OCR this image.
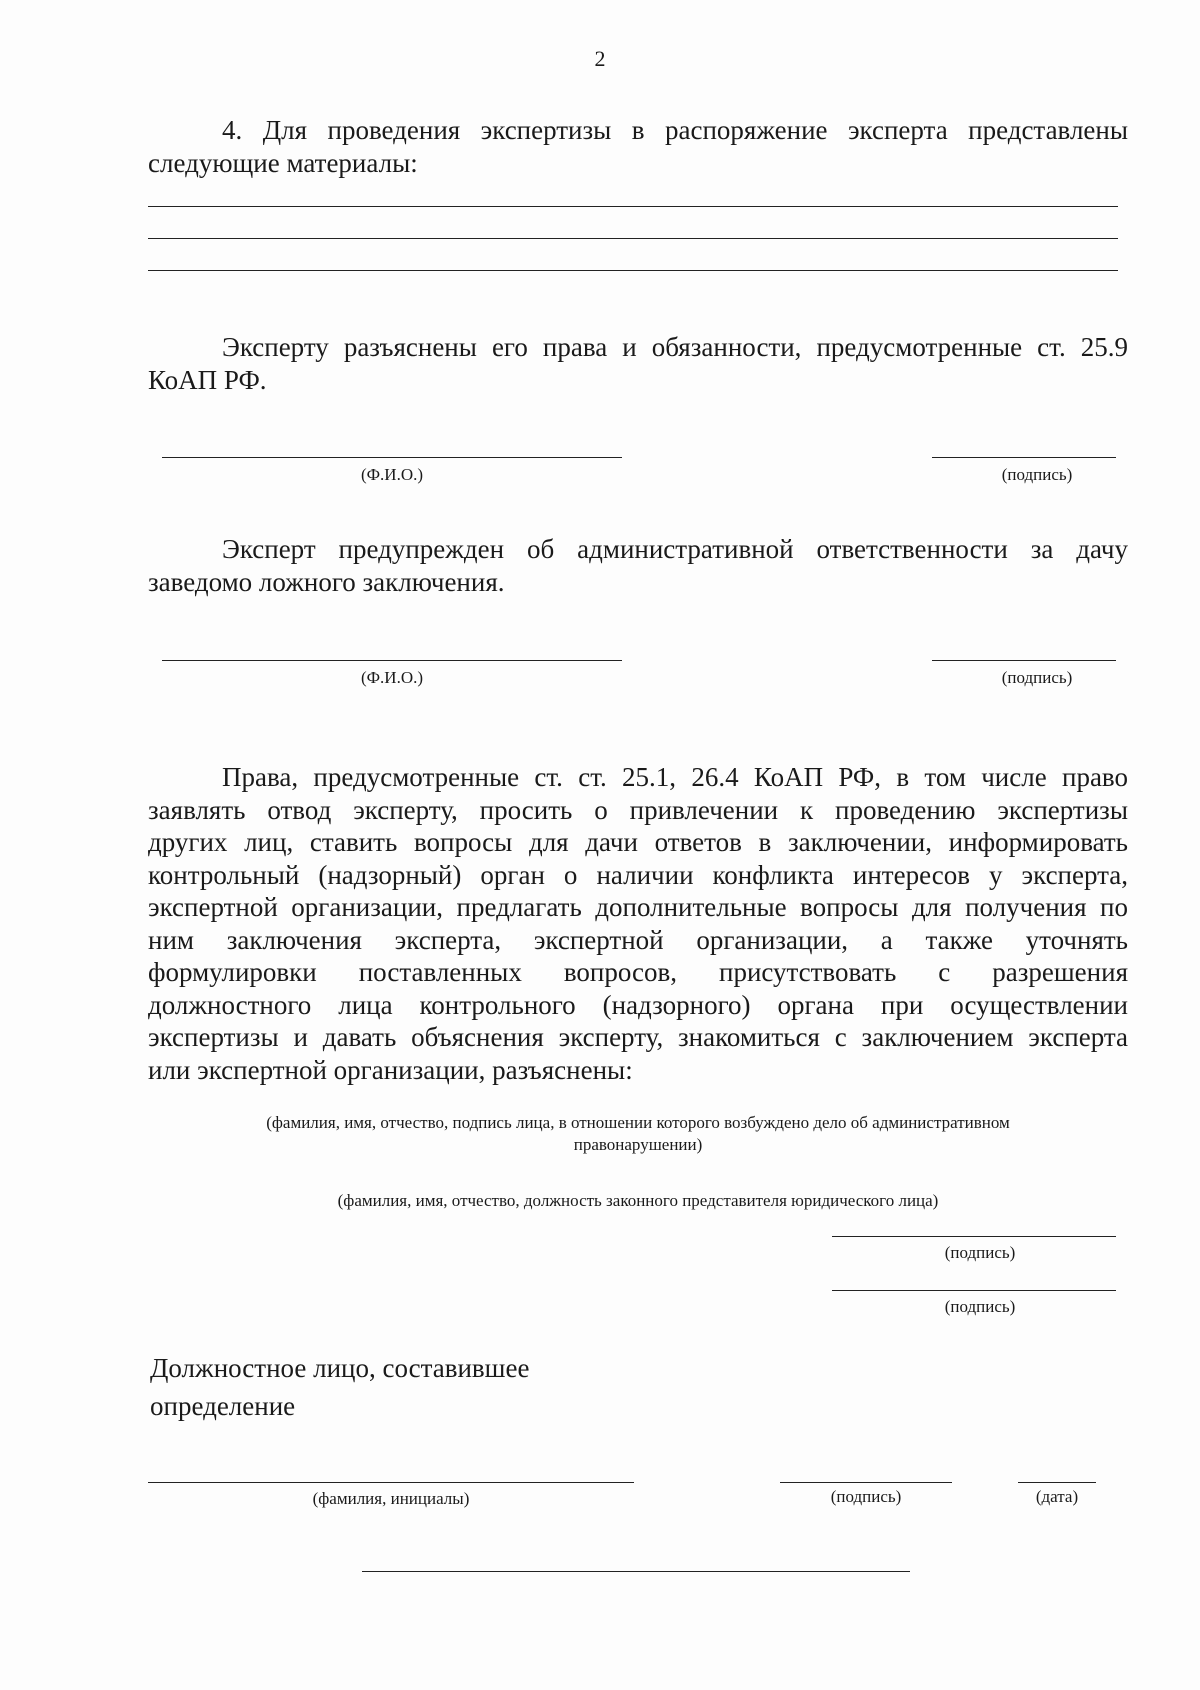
2
4. Для проведения экспертизы в распоряжение эксперта представлены
следующие материалы:
Эксперту разъяснены его права и обязанности, предусмотренные ст. 25.9
КоАП РФ.
(Ф.И.О.)	(подпись)
Эксперт предупрежден об административной ответственности за дачу
заведомо ложного заключения.
(Ф.И.О.)	(подпись)
Права, предусмотренные ст. ст. 25.1, 26.4 КоАП РФ, в том числе право
заявлять отвод эксперту, просить о привлечении к проведению экспертизы
других лиц, ставить вопросы для дачи ответов в заключении, информировать
контрольный (надзорный) орган о наличии конфликта интересов у эксперта,
экспертной организации, предлагать дополнительные вопросы для получения по
ним заключения эксперта, экспертной организации, а также уточнять
формулировки поставленных вопросов, присутствовать с разрешения
должностного лица контрольного (надзорного) органа при осуществлении
экспертизы и давать объяснения эксперту, знакомиться с заключением эксперта
или экспертной организации, разъяснены:
(фамилия, имя, отчество, подпись лица, в отношении которого возбуждено дело об административном
правонарушении)
(фамилия, имя, отчество, должность законного представителя юридического лица)
(подпись)
(подпись)
Должностное лицо, составившее
определение
(фамилия, инициалы)	(подпись)	(дата)
